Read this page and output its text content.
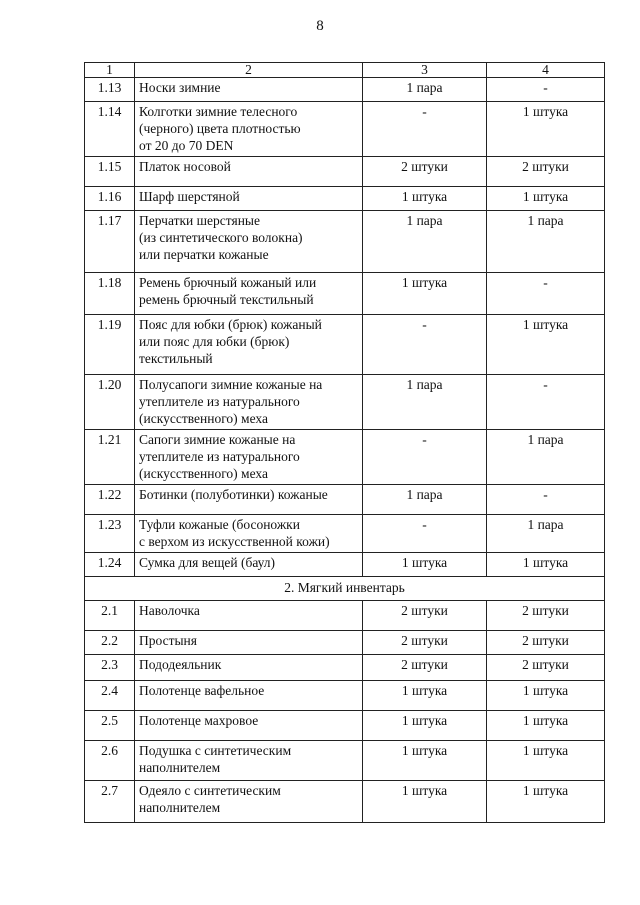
8
1	2	3	4
1.13	Носки зимние	1 пара	-
1.14	Колготки зимние телесного
(черного) цвета плотностью
от 20 до 70 DEN	-	1 штука
1.15	Платок носовой	2 штуки	2 штуки
1.16	Шарф шерстяной	1 штука	1 штука
1.17	Перчатки шерстяные
(из синтетического волокна)
или перчатки кожаные	1 пара	1 пара
1.18	Ремень брючный кожаный или
ремень брючный текстильный	1 штука	-
1.19	Пояс для юбки (брюк) кожаный
или пояс для юбки (брюк)
текстильный	-	1 штука
1.20	Полусапоги зимние кожаные на
утеплителе из натурального
(искусственного) меха	1 пара	-
1.21	Сапоги зимние кожаные на
утеплителе из натурального
(искусственного) меха	-	1 пара
1.22	Ботинки (полуботинки) кожаные	1 пара	-
1.23	Туфли кожаные (босоножки
с верхом из искусственной кожи)	-	1 пара
1.24	Сумка для вещей (баул)	1 штука	1 штука
2. Мягкий инвентарь			
2.1	Наволочка	2 штуки	2 штуки
2.2	Простыня	2 штуки	2 штуки
2.3	Пододеяльник	2 штуки	2 штуки
2.4	Полотенце вафельное	1 штука	1 штука
2.5	Полотенце махровое	1 штука	1 штука
2.6	Подушка с синтетическим
наполнителем	1 штука	1 штука
2.7	Одеяло с синтетическим
наполнителем	1 штука	1 штука
